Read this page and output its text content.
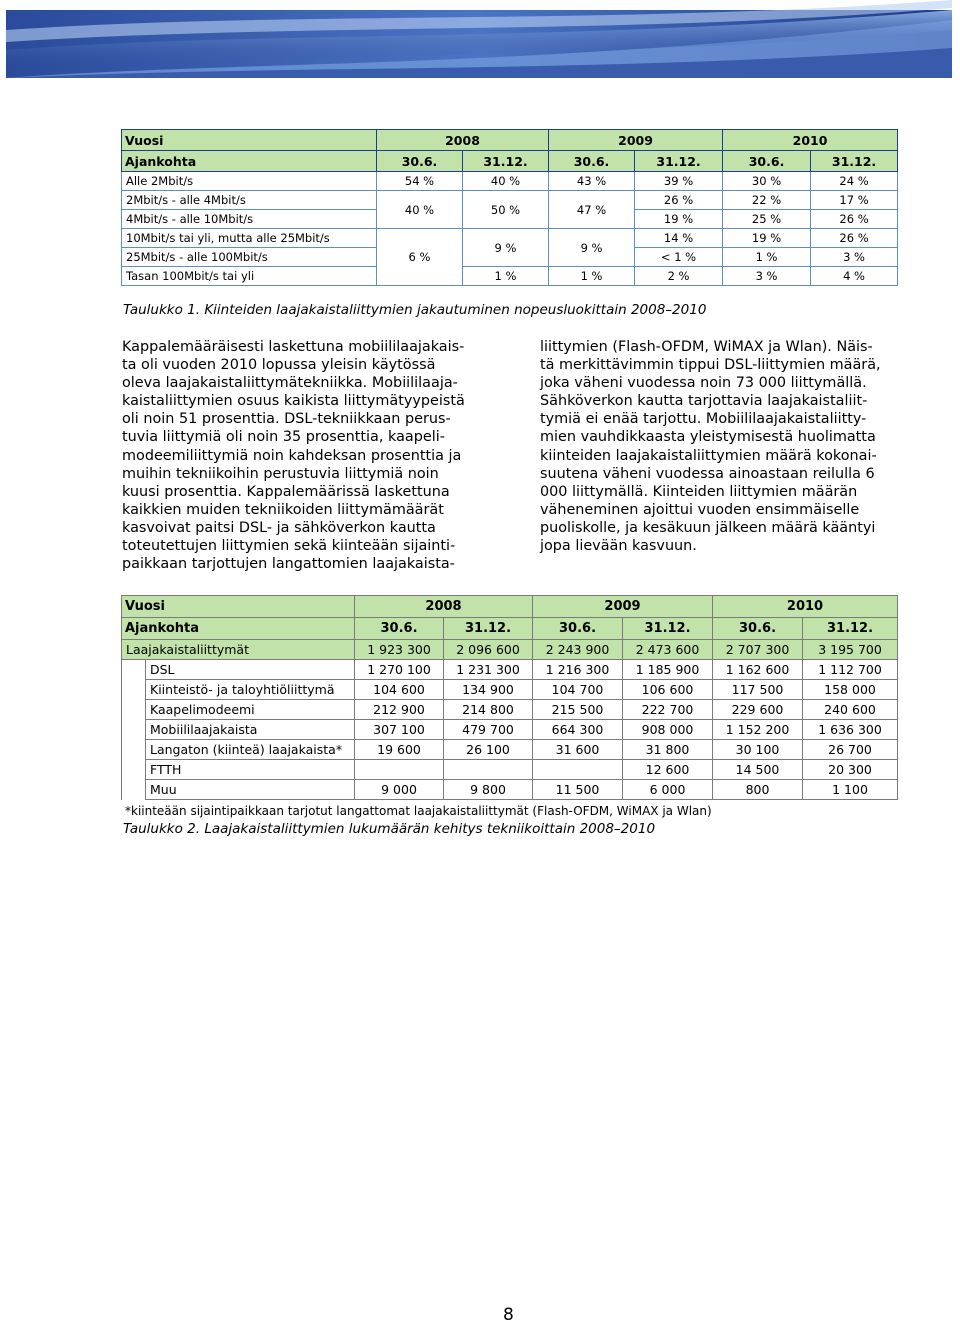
Vuosi	2008		2009		2010	
Ajankohta	30.6.	31.12.	30.6.	31.12.	30.6.	31.12.
Alle 2Mbit/s	54 %	40 %	43 %	39 %	30 %	24 %
2Mbit/s - alle 4Mbit/s	40 %	50 %	47 %	26 %	22 %	17 %
4Mbit/s - alle 10Mbit/s				19 %	25 %	26 %
10Mbit/s tai yli, mutta alle 25Mbit/s	6 %	9 %	9 %	14 %	19 %	26 %
25Mbit/s - alle 100Mbit/s				< 1 %	1 %	3 %
Tasan 100Mbit/s tai yli		1 %	1 %	2 %	3 %	4 %
Taulukko 1. Kiinteiden laajakaistaliittymien jakautuminen nopeusluokittain 2008–2010

Kappalemääräisesti laskettuna mobiililaajakais-

ta oli vuoden 2010 lopussa yleisin käytössä

oleva laajakaistaliittymätekniikka. Mobiililaaja-

kaistaliittymien osuus kaikista liittymätyypeistä

oli noin 51 prosenttia. DSL-tekniikkaan perus-

tuvia liittymiä oli noin 35 prosenttia, kaapeli-

modeemiliittymiä noin kahdeksan prosenttia ja

muihin tekniikoihin perustuvia liittymiä noin

kuusi prosenttia. Kappalemäärissä laskettuna

kaikkien muiden tekniikoiden liittymämäärät

kasvoivat paitsi DSL- ja sähköverkon kautta

toteutettujen liittymien sekä kiinteään sijainti-

paikkaan tarjottujen langattomien laajakaista-

liittymien (Flash-OFDM, WiMAX ja Wlan). Näis-

tä merkittävimmin tippui DSL-liittymien määrä,

joka väheni vuodessa noin 73 000 liittymällä.

Sähköverkon kautta tarjottavia laajakaistaliit-

tymiä ei enää tarjottu. Mobiililaajakaistaliitty-

mien vauhdikkaasta yleistymisestä huolimatta

kiinteiden laajakaistaliittymien määrä kokonai-

suutena väheni vuodessa ainoastaan reilulla 6

000 liittymällä. Kiinteiden liittymien määrän

väheneminen ajoittui vuoden ensimmäiselle

puoliskolle, ja kesäkuun jälkeen määrä kääntyi

jopa lievään kasvuun.

Vuosi		2008		2009		2010	
Ajankohta		30.6.	31.12.	30.6.	31.12.	30.6.	31.12.
Laajakaistaliittymät		1 923 300	2 096 600	2 243 900	2 473 600	2 707 300	3 195 700
	DSL	1 270 100	1 231 300	1 216 300	1 185 900	1 162 600	1 112 700
	Kiinteistö- ja taloyhtiöliittymä	104 600	134 900	104 700	106 600	117 500	158 000
	Kaapelimodeemi	212 900	214 800	215 500	222 700	229 600	240 600
	Mobiililaajakaista	307 100	479 700	664 300	908 000	1 152 200	1 636 300
	Langaton (kiinteä) laajakaista*	19 600	26 100	31 600	31 800	30 100	26 700
	FTTH				12 600	14 500	20 300
	Muu	9 000	9 800	11 500	6 000	800	1 100
*kiinteään sijaintipaikkaan tarjotut langattomat laajakaistaliittymät (Flash-OFDM, WiMAX ja Wlan)
Taulukko 2. Laajakaistaliittymien lukumäärän kehitys tekniikoittain 2008–2010
8
